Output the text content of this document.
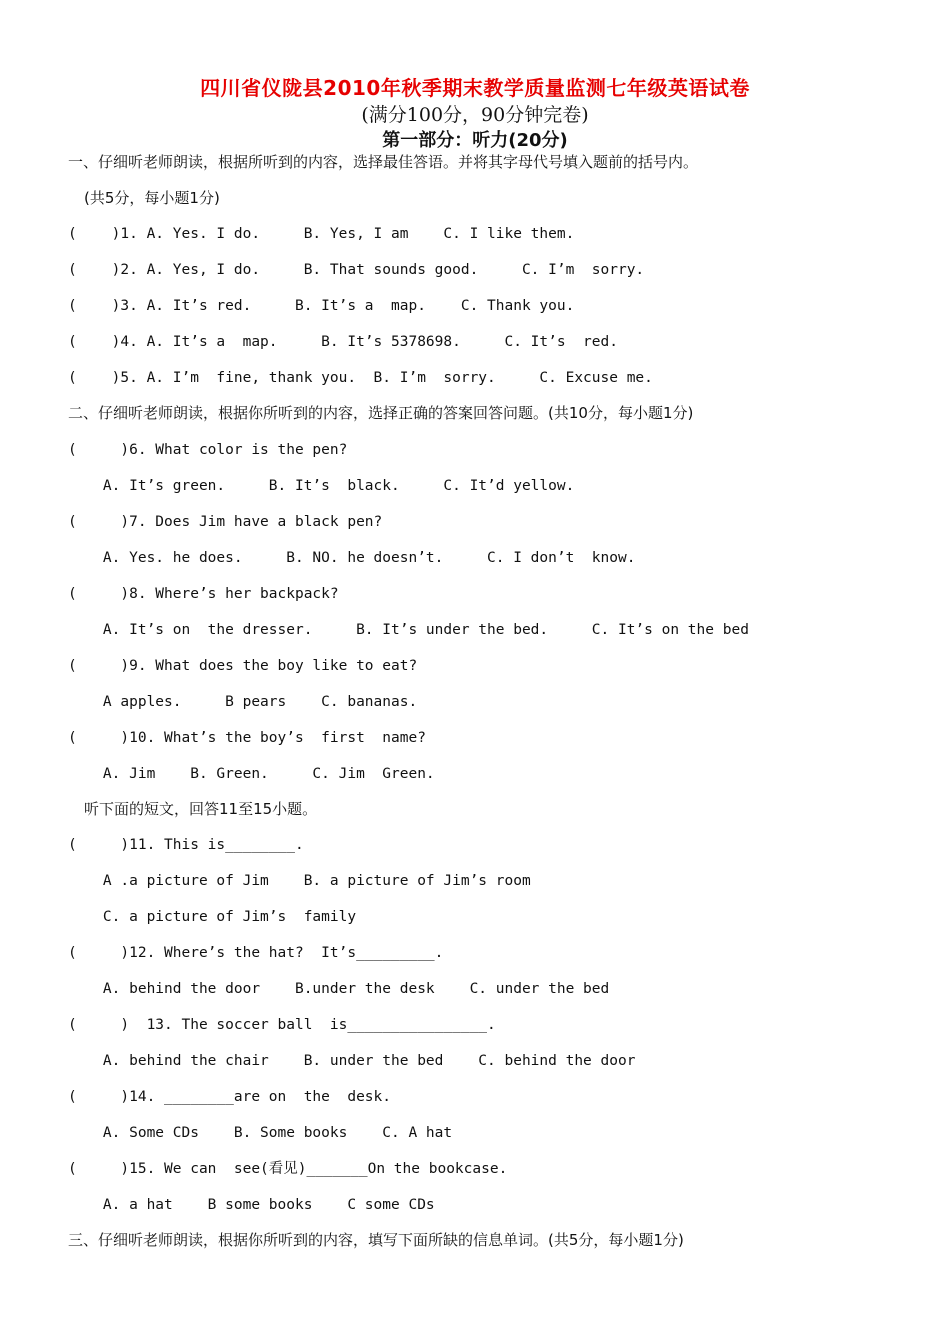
四川省仪陇县2010年秋季期末教学质量监测七年级英语试卷
(满分100分，90分钟完卷)
第一部分：听力(20分)
一、仔细听老师朗读，根据所听到的内容，选择最佳答语。并将其字母代号填入题前的括号内。
(共5分，每小题1分)
(    )1. A. Yes. I do.     B. Yes, I am    C. I like them.
(    )2. A. Yes, I do.     B. That sounds good.     C. I’m  sorry.
(    )3. A. It’s red.     B. It’s a  map.    C. Thank you.
(    )4. A. It’s a  map.     B. It’s 5378698.     C. It’s  red.
(    )5. A. I’m  fine, thank you.  B. I’m  sorry.     C. Excuse me.
二、仔细听老师朗读，根据你所听到的内容，选择正确的答案回答问题。(共10分，每小题1分)
(     )6. What color is the pen?
A. It’s green.     B. It’s  black.     C. It’d yellow.
(     )7. Does Jim have a black pen?
A. Yes. he does.     B. NO. he doesn’t.     C. I don’t  know.
(     )8. Where’s her backpack?
A. It’s on  the dresser.     B. It’s under the bed.     C. It’s on the bed
(     )9. What does the boy like to eat?
A apples.     B pears    C. bananas.
(     )10. What’s the boy’s  first  name?
A. Jim    B. Green.     C. Jim  Green.
听下面的短文，回答11至15小题。
(     )11. This is________.
A .a picture of Jim    B. a picture of Jim’s room
C. a picture of Jim’s  family
(     )12. Where’s the hat?  It’s_________.
A. behind the door    B.under the desk    C. under the bed
(     )  13. The soccer ball  is________________.
A. behind the chair    B. under the bed    C. behind the door
(     )14. ________are on  the  desk.
A. Some CDs    B. Some books    C. A hat
(     )15. We can  see(看见)_______On the bookcase.
A. a hat    B some books    C some CDs
三、仔细听老师朗读，根据你所听到的内容，填写下面所缺的信息单词。(共5分，每小题1分)
